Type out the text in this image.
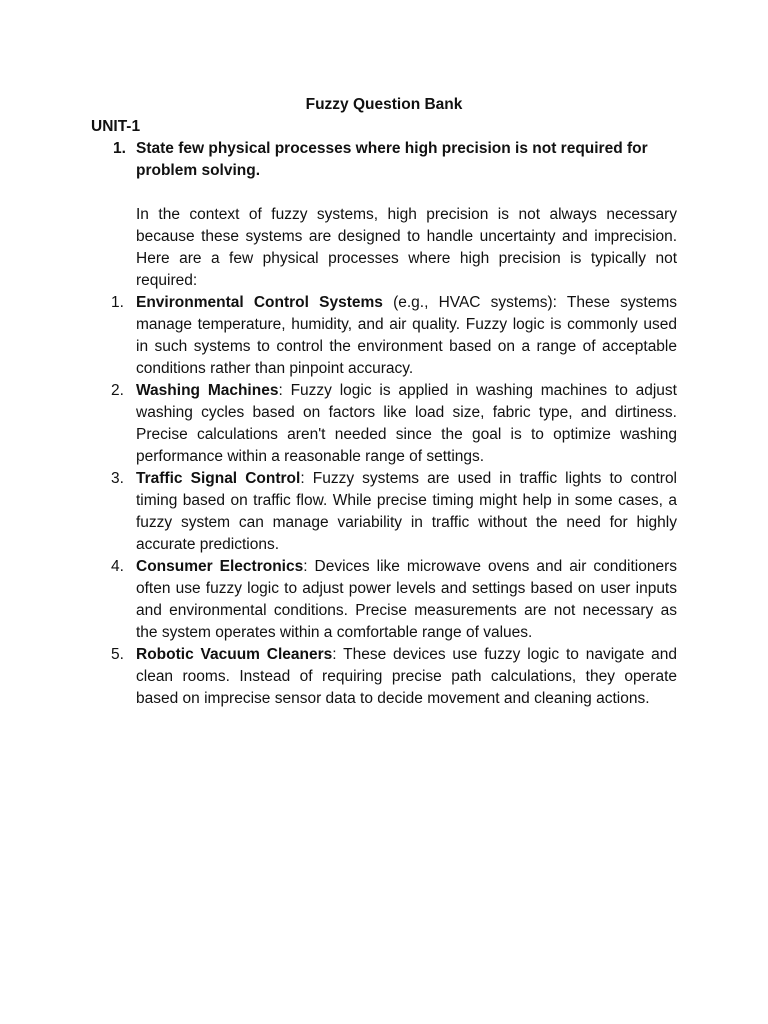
Fuzzy Question Bank
UNIT-1
1. State few physical processes where high precision is not required for problem solving.

In the context of fuzzy systems, high precision is not always necessary because these systems are designed to handle uncertainty and imprecision. Here are a few physical processes where high precision is typically not required:

1. Environmental Control Systems (e.g., HVAC systems): These systems manage temperature, humidity, and air quality. Fuzzy logic is commonly used in such systems to control the environment based on a range of acceptable conditions rather than pinpoint accuracy.
2. Washing Machines: Fuzzy logic is applied in washing machines to adjust washing cycles based on factors like load size, fabric type, and dirtiness. Precise calculations aren't needed since the goal is to optimize washing performance within a reasonable range of settings.
3. Traffic Signal Control: Fuzzy systems are used in traffic lights to control timing based on traffic flow. While precise timing might help in some cases, a fuzzy system can manage variability in traffic without the need for highly accurate predictions.
4. Consumer Electronics: Devices like microwave ovens and air conditioners often use fuzzy logic to adjust power levels and settings based on user inputs and environmental conditions. Precise measurements are not necessary as the system operates within a comfortable range of values.
5. Robotic Vacuum Cleaners: These devices use fuzzy logic to navigate and clean rooms. Instead of requiring precise path calculations, they operate based on imprecise sensor data to decide movement and cleaning actions.
